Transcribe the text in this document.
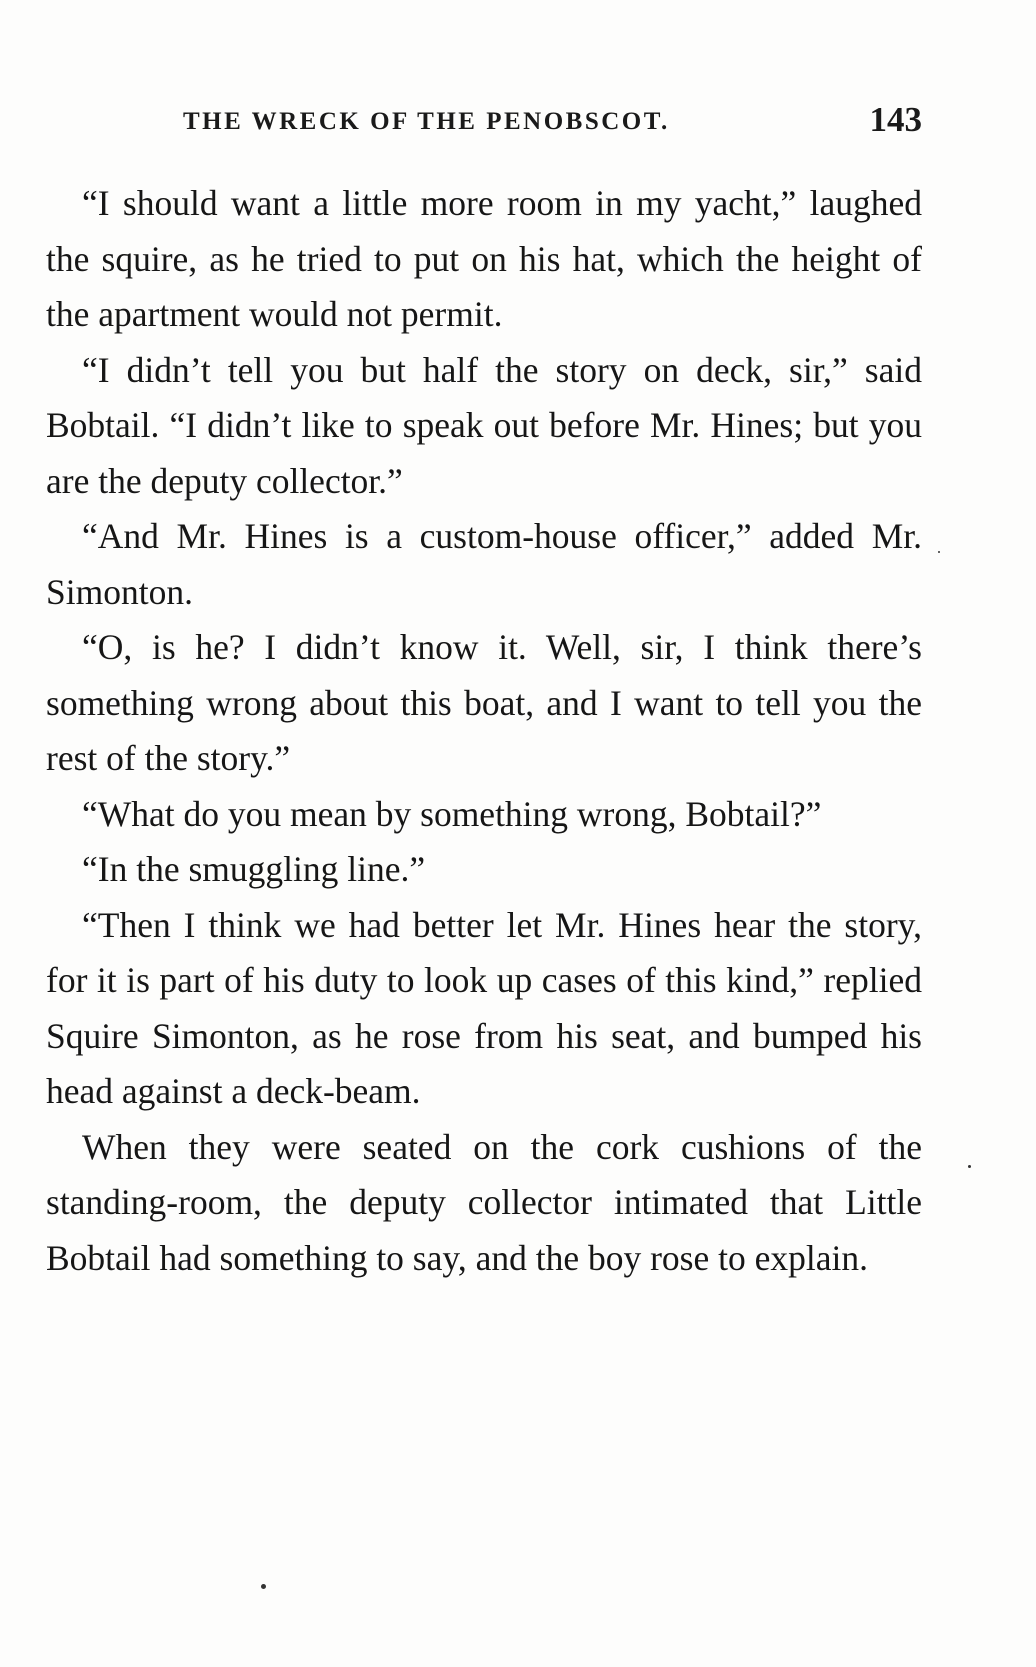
THE WRECK OF THE PENOBSCOT.	143

“I should want a little more room in my yacht,” laughed the squire, as he tried to put on his hat, which the height of the apartment would not permit.

“I didn’t tell you but half the story on deck, sir,” said Bobtail. “I didn’t like to speak out before Mr. Hines; but you are the deputy collector.”

“And Mr. Hines is a custom-house officer,” added Mr. Simonton.

“O, is he? I didn’t know it. Well, sir, I think there’s something wrong about this boat, and I want to tell you the rest of the story.”

“What do you mean by something wrong, Bobtail?”

“In the smuggling line.”

“Then I think we had better let Mr. Hines hear the story, for it is part of his duty to look up cases of this kind,” replied Squire Simonton, as he rose from his seat, and bumped his head against a deck-beam.

When they were seated on the cork cushions of the standing-room, the deputy collector intimated that Little Bobtail had something to say, and the boy rose to explain.
